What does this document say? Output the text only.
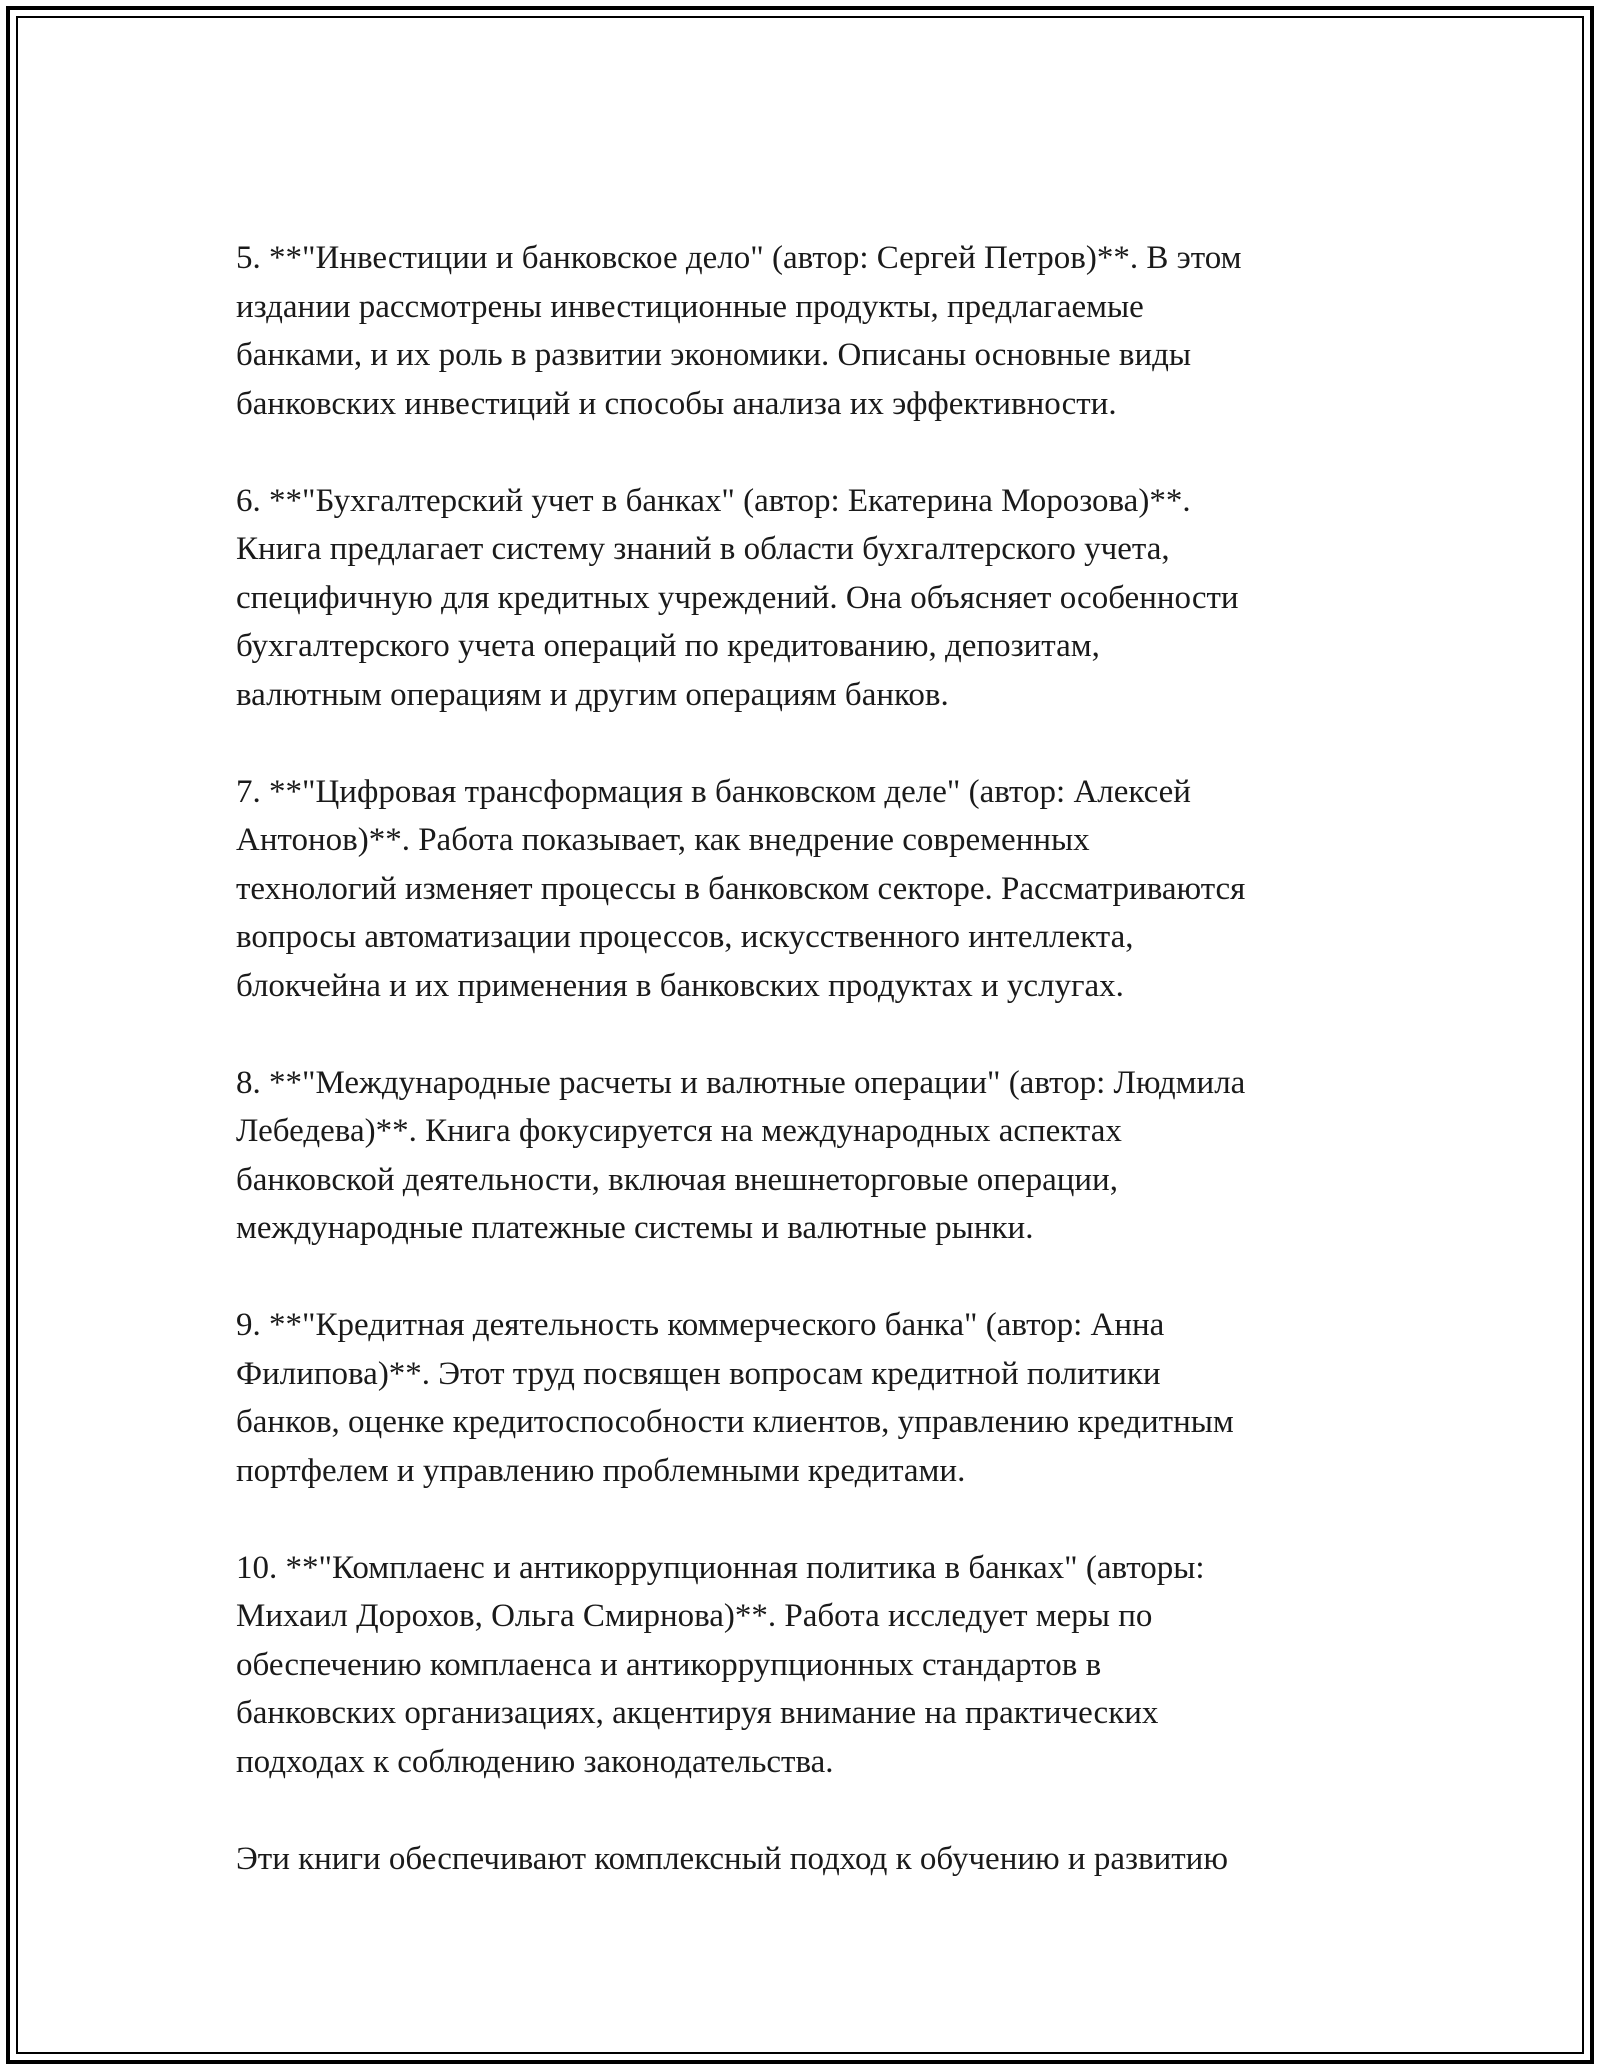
5. **"Инвестиции и банковское дело" (автор: Сергей Петров)**. В этом
издании рассмотрены инвестиционные продукты, предлагаемые
банками, и их роль в развитии экономики. Описаны основные виды
банковских инвестиций и способы анализа их эффективности.

6. **"Бухгалтерский учет в банках" (автор: Екатерина Морозова)**.
Книга предлагает систему знаний в области бухгалтерского учета,
специфичную для кредитных учреждений. Она объясняет особенности
бухгалтерского учета операций по кредитованию, депозитам,
валютным операциям и другим операциям банков.

7. **"Цифровая трансформация в банковском деле" (автор: Алексей
Антонов)**. Работа показывает, как внедрение современных
технологий изменяет процессы в банковском секторе. Рассматриваются
вопросы автоматизации процессов, искусственного интеллекта,
блокчейна и их применения в банковских продуктах и услугах.

8. **"Международные расчеты и валютные операции" (автор: Людмила
Лебедева)**. Книга фокусируется на международных аспектах
банковской деятельности, включая внешнеторговые операции,
международные платежные системы и валютные рынки.

9. **"Кредитная деятельность коммерческого банка" (автор: Анна
Филипова)**. Этот труд посвящен вопросам кредитной политики
банков, оценке кредитоспособности клиентов, управлению кредитным
портфелем и управлению проблемными кредитами.

10. **"Комплаенс и антикоррупционная политика в банках" (авторы:
Михаил Дорохов, Ольга Смирнова)**. Работа исследует меры по
обеспечению комплаенса и антикоррупционных стандартов в
банковских организациях, акцентируя внимание на практических
подходах к соблюдению законодательства.

Эти книги обеспечивают комплексный подход к обучению и развитию
